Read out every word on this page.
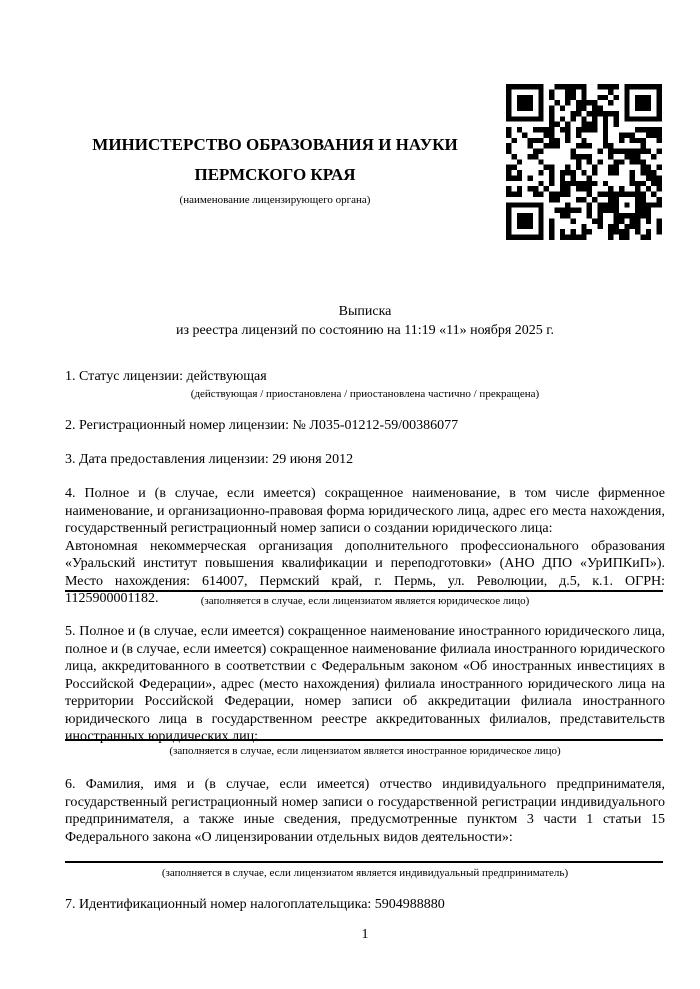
МИНИСТЕРСТВО ОБРАЗОВАНИЯ И НАУКИ
ПЕРМСКОГО КРАЯ
(наименование лицензирующего органа)
Выписка
из реестра лицензий по состоянию на 11:19 «11» ноября 2025 г.
1. Статус лицензии: действующая
(действующая / приостановлена / приостановлена частично / прекращена)
2. Регистрационный номер лицензии: № Л035-01212-59/00386077
3. Дата предоставления лицензии: 29 июня 2012

4. Полное и (в случае, если имеется) сокращенное наименование, в том числе фирменное наименование, и организационно-правовая форма юридического лица, адрес его места нахождения, государственный регистрационный номер записи о создании юридического лица:

Автономная некоммерческая организация дополнительного профессионального образования «Уральский институт повышения квалификации и переподготовки» (АНО ДПО «УрИПКиП»). Место нахождения: 614007, Пермский край, г. Пермь, ул. Революции, д.5, к.1. ОГРН: 1125900001182.	(заполняется в случае, если лицензиатом является юридическое лицо)

5. Полное и (в случае, если имеется) сокращенное наименование иностранного юридического лица, полное и (в случае, если имеется) сокращенное наименование филиала иностранного юридического лица, аккредитованного в соответствии с Федеральным законом «Об иностранных инвестициях в Российской Федерации», адрес (место нахождения) филиала иностранного юридического лица на территории Российской Федерации, номер записи об аккредитации филиала иностранного юридического лица в государственном реестре аккредитованных филиалов, представительств иностранных юридических лиц:

(заполняется в случае, если лицензиатом является иностранное юридическое лицо)

6. Фамилия, имя и (в случае, если имеется) отчество индивидуального предпринимателя, государственный регистрационный номер записи о государственной регистрации индивидуального предпринимателя, а также иные сведения, предусмотренные пунктом 3 части 1 статьи 15 Федерального закона «О лицензировании отдельных видов деятельности»:

(заполняется в случае, если лицензиатом является индивидуальный предприниматель)
7. Идентификационный номер налогоплательщика: 5904988880
1
